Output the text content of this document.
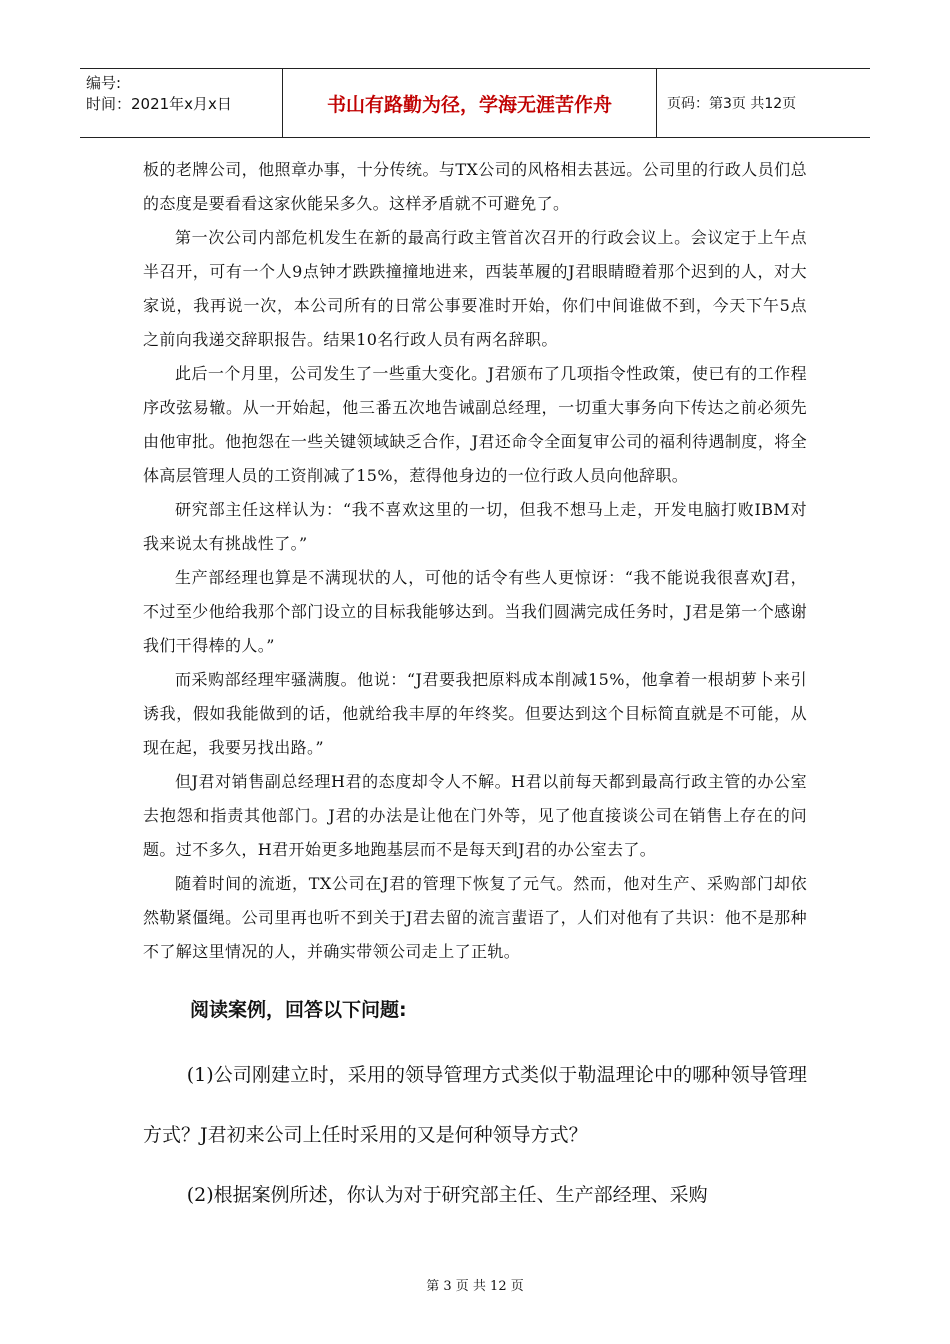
编号:
时间：2021年x月x日	书山有路勤为径，学海无涯苦作舟	页码：第3页 共12页

板的老牌公司，他照章办事，十分传统。与TX公司的风格相去甚远。公司里的行政人员们总的态度是要看看这家伙能呆多久。这样矛盾就不可避免了。

第一次公司内部危机发生在新的最高行政主管首次召开的行政会议上。会议定于上午点半召开，可有一个人9点钟才跌跌撞撞地进来，西装革履的J君眼睛瞪着那个迟到的人，对大家说，我再说一次，本公司所有的日常公事要准时开始，你们中间谁做不到，今天下午5点之前向我递交辞职报告。结果10名行政人员有两名辞职。

此后一个月里，公司发生了一些重大变化。J君颁布了几项指令性政策，使已有的工作程序改弦易辙。从一开始起，他三番五次地告诫副总经理，一切重大事务向下传达之前必须先由他审批。他抱怨在一些关键领域缺乏合作，J君还命令全面复审公司的福利待遇制度，将全体高层管理人员的工资削减了15%，惹得他身边的一位行政人员向他辞职。

研究部主任这样认为：“我不喜欢这里的一切，但我不想马上走，开发电脑打败IBM对我来说太有挑战性了。”

生产部经理也算是不满现状的人，可他的话令有些人更惊讶：“我不能说我很喜欢J君，不过至少他给我那个部门设立的目标我能够达到。当我们圆满完成任务时，J君是第一个感谢我们干得棒的人。”

而采购部经理牢骚满腹。他说：“J君要我把原料成本削减15%，他拿着一根胡萝卜来引诱我，假如我能做到的话，他就给我丰厚的年终奖。但要达到这个目标简直就是不可能，从现在起，我要另找出路。”

但J君对销售副总经理H君的态度却令人不解。H君以前每天都到最高行政主管的办公室去抱怨和指责其他部门。J君的办法是让他在门外等，见了他直接谈公司在销售上存在的问题。过不多久，H君开始更多地跑基层而不是每天到J君的办公室去了。

随着时间的流逝，TX公司在J君的管理下恢复了元气。然而，他对生产、采购部门却依然勒紧僵绳。公司里再也听不到关于J君去留的流言蜚语了，人们对他有了共识：他不是那种不了解这里情况的人，并确实带领公司走上了正轨。

阅读案例，回答以下问题:
(1)公司刚建立时，采用的领导管理方式类似于勒温理论中的哪种领导管理方式？J君初来公司上任时采用的又是何种领导方式？
(2)根据案例所述，你认为对于研究部主任、生产部经理、采购
第 3 页 共 12 页
